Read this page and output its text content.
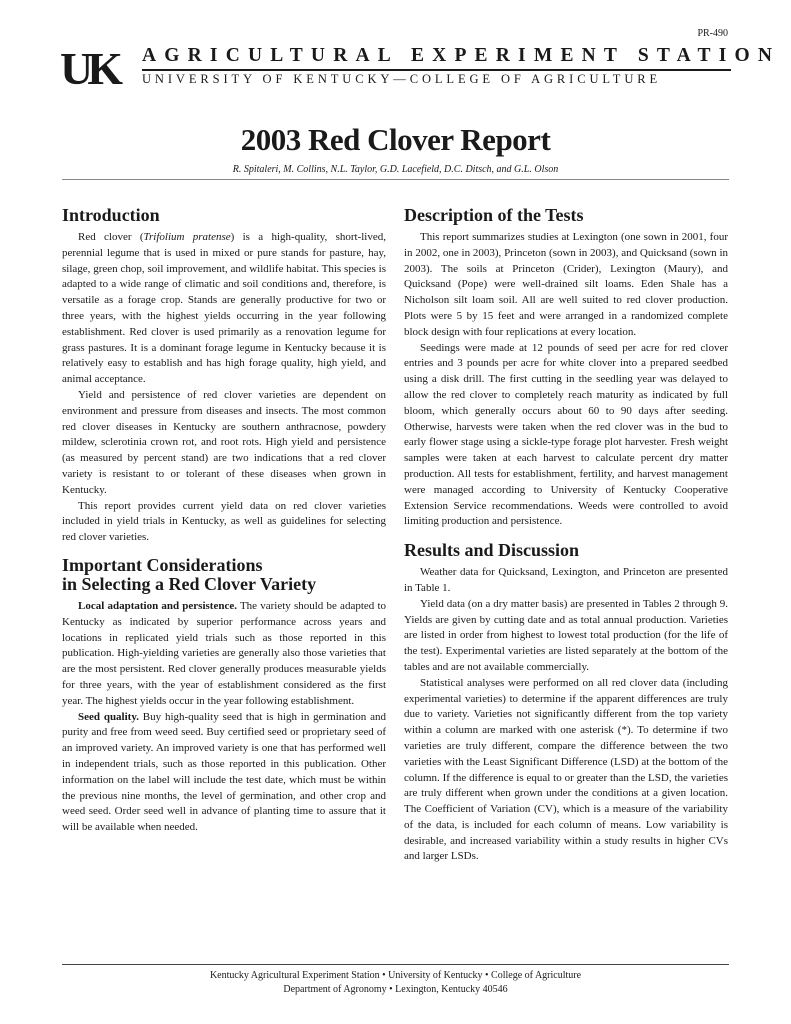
PR-490
UK	AGRICULTURAL EXPERIMENT STATION
UNIVERSITY OF KENTUCKY—COLLEGE OF AGRICULTURE
2003 Red Clover Report
R. Spitaleri, M. Collins, N.L. Taylor, G.D. Lacefield, D.C. Ditsch, and G.L. Olson
Introduction

Red clover (Trifolium pratense) is a high-quality, short-lived, perennial legume that is used in mixed or pure stands for pasture, hay, silage, green chop, soil improvement, and wildlife habitat. This species is adapted to a wide range of climatic and soil conditions and, therefore, is versatile as a forage crop. Stands are generally productive for two or three years, with the highest yields occurring in the year following establishment. Red clover is used primarily as a renovation legume for grass pastures. It is a dominant forage legume in Kentucky because it is relatively easy to establish and has high forage quality, high yield, and animal acceptance.

Yield and persistence of red clover varieties are dependent on environment and pressure from diseases and insects. The most common red clover diseases in Kentucky are southern anthracnose, powdery mildew, sclerotinia crown rot, and root rots. High yield and persistence (as measured by percent stand) are two indications that a red clover variety is resistant to or tolerant of these diseases when grown in Kentucky.

This report provides current yield data on red clover varieties included in yield trials in Kentucky, as well as guidelines for selecting red clover varieties.

Important Considerations
in Selecting a Red Clover Variety

Local adaptation and persistence. The variety should be adapted to Kentucky as indicated by superior performance across years and locations in replicated yield trials such as those reported in this publication. High-yielding varieties are generally also those varieties that are the most persistent. Red clover generally produces measurable yields for three years, with the year of establishment considered as the first year. The highest yields occur in the year following establishment.

Seed quality. Buy high-quality seed that is high in germination and purity and free from weed seed. Buy certified seed or proprietary seed of an improved variety. An improved variety is one that has performed well in independent trials, such as those reported in this publication. Other information on the label will include the test date, which must be within the previous nine months, the level of germination, and other crop and weed seed. Order seed well in advance of planting time to assure that it will be available when needed.

Description of the Tests

This report summarizes studies at Lexington (one sown in 2001, four in 2002, one in 2003), Princeton (sown in 2003), and Quicksand (sown in 2003). The soils at Princeton (Crider), Lexington (Maury), and Quicksand (Pope) were well-drained silt loams. Eden Shale has a Nicholson silt loam soil. All are well suited to red clover production. Plots were 5 by 15 feet and were arranged in a randomized complete block design with four replications at every location.

Seedings were made at 12 pounds of seed per acre for red clover entries and 3 pounds per acre for white clover into a prepared seedbed using a disk drill. The first cutting in the seedling year was delayed to allow the red clover to completely reach maturity as indicated by full bloom, which generally occurs about 60 to 90 days after seeding. Otherwise, harvests were taken when the red clover was in the bud to early flower stage using a sickle-type forage plot harvester. Fresh weight samples were taken at each harvest to calculate percent dry matter production. All tests for establishment, fertility, and harvest management were managed according to University of Kentucky Cooperative Extension Service recommendations. Weeds were controlled to avoid limiting production and persistence.

Results and Discussion

Weather data for Quicksand, Lexington, and Princeton are presented in Table 1.

Yield data (on a dry matter basis) are presented in Tables 2 through 9. Yields are given by cutting date and as total annual production. Varieties are listed in order from highest to lowest total production (for the life of the test). Experimental varieties are listed separately at the bottom of the tables and are not available commercially.

Statistical analyses were performed on all red clover data (including experimental varieties) to determine if the apparent differences are truly due to variety. Varieties not significantly different from the top variety within a column are marked with one asterisk (*). To determine if two varieties are truly different, compare the difference between the two varieties with the Least Significant Difference (LSD) at the bottom of the column. If the difference is equal to or greater than the LSD, the varieties are truly different when grown under the conditions at a given location. The Coefficient of Variation (CV), which is a measure of the variability of the data, is included for each column of means. Low variability is desirable, and increased variability within a study results in higher CVs and larger LSDs.

Kentucky Agricultural Experiment Station • University of Kentucky • College of Agriculture
Department of Agronomy • Lexington, Kentucky 40546
